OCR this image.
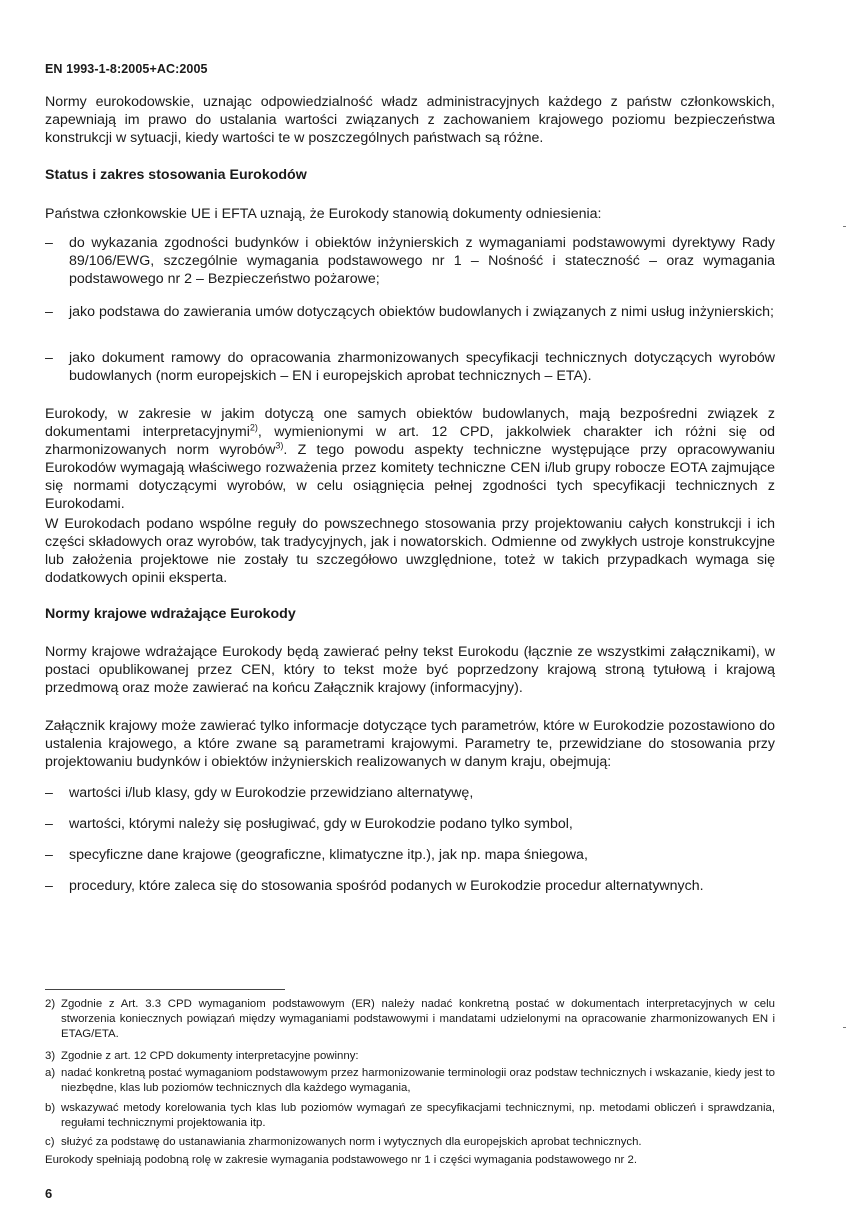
EN 1993-1-8:2005+AC:2005

Normy eurokodowskie, uznając odpowiedzialność władz administracyjnych każdego z państw członkowskich, zapewniają im prawo do ustalania wartości związanych z zachowaniem krajowego poziomu bezpieczeństwa konstrukcji w sytuacji, kiedy wartości te w poszczególnych państwach są różne.

Status i zakres stosowania Eurokodów

Państwa członkowskie UE i EFTA uznają, że Eurokody stanowią dokumenty odniesienia:

– do wykazania zgodności budynków i obiektów inżynierskich z wymaganiami podstawowymi dyrektywy Rady 89/106/EWG, szczególnie wymagania podstawowego nr 1 – Nośność i stateczność – oraz wymagania podstawowego nr 2 – Bezpieczeństwo pożarowe;
– jako podstawa do zawierania umów dotyczących obiektów budowlanych i związanych z nimi usług inżynierskich;
– jako dokument ramowy do opracowania zharmonizowanych specyfikacji technicznych dotyczących wyrobów budowlanych (norm europejskich – EN i europejskich aprobat technicznych – ETA).

Eurokody, w zakresie w jakim dotyczą one samych obiektów budowlanych, mają bezpośredni związek z dokumentami interpretacyjnymi$^{2)}$, wymienionymi w art. 12 CPD, jakkolwiek charakter ich różni się od zharmonizowanych norm wyrobów$^{3)}$. Z tego powodu aspekty techniczne występujące przy opracowywaniu Eurokodów wymagają właściwego rozważenia przez komitety techniczne CEN i/lub grupy robocze EOTA zajmujące się normami dotyczącymi wyrobów, w celu osiągnięcia pełnej zgodności tych specyfikacji technicznych z Eurokodami.

W Eurokodach podano wspólne reguły do powszechnego stosowania przy projektowaniu całych konstrukcji i ich części składowych oraz wyrobów, tak tradycyjnych, jak i nowatorskich. Odmienne od zwykłych ustroje konstrukcyjne lub założenia projektowe nie zostały tu szczegółowo uwzględnione, toteż w takich przypadkach wymaga się dodatkowych opinii eksperta.

Normy krajowe wdrażające Eurokody

Normy krajowe wdrażające Eurokody będą zawierać pełny tekst Eurokodu (łącznie ze wszystkimi załącznikami), w postaci opublikowanej przez CEN, który to tekst może być poprzedzony krajową stroną tytułową i krajową przedmową oraz może zawierać na końcu Załącznik krajowy (informacyjny).

Załącznik krajowy może zawierać tylko informacje dotyczące tych parametrów, które w Eurokodzie pozostawiono do ustalenia krajowego, a które zwane są parametrami krajowymi. Parametry te, przewidziane do stosowania przy projektowaniu budynków i obiektów inżynierskich realizowanych w danym kraju, obejmują:

– wartości i/lub klasy, gdy w Eurokodzie przewidziano alternatywę,
– wartości, którymi należy się posługiwać, gdy w Eurokodzie podano tylko symbol,
– specyficzne dane krajowe (geograficzne, klimatyczne itp.), jak np. mapa śniegowa,
– procedury, które zaleca się do stosowania spośród podanych w Eurokodzie procedur alternatywnych.
2) Zgodnie z Art. 3.3 CPD wymaganiom podstawowym (ER) należy nadać konkretną postać w dokumentach interpretacyjnych w celu stworzenia koniecznych powiązań między wymaganiami podstawowymi i mandatami udzielonymi na opracowanie zharmonizowanych EN i ETAG/ETA.
3) Zgodnie z art. 12 CPD dokumenty interpretacyjne powinny:
a) nadać konkretną postać wymaganiom podstawowym przez harmonizowanie terminologii oraz podstaw technicznych i wskazanie, kiedy jest to niezbędne, klas lub poziomów technicznych dla każdego wymagania,
b) wskazywać metody korelowania tych klas lub poziomów wymagań ze specyfikacjami technicznymi, np. metodami obliczeń i sprawdzania, regułami technicznymi projektowania itp.
c) służyć za podstawę do ustanawiania zharmonizowanych norm i wytycznych dla europejskich aprobat technicznych.
Eurokody spełniają podobną rolę w zakresie wymagania podstawowego nr 1 i części wymagania podstawowego nr 2.
6
